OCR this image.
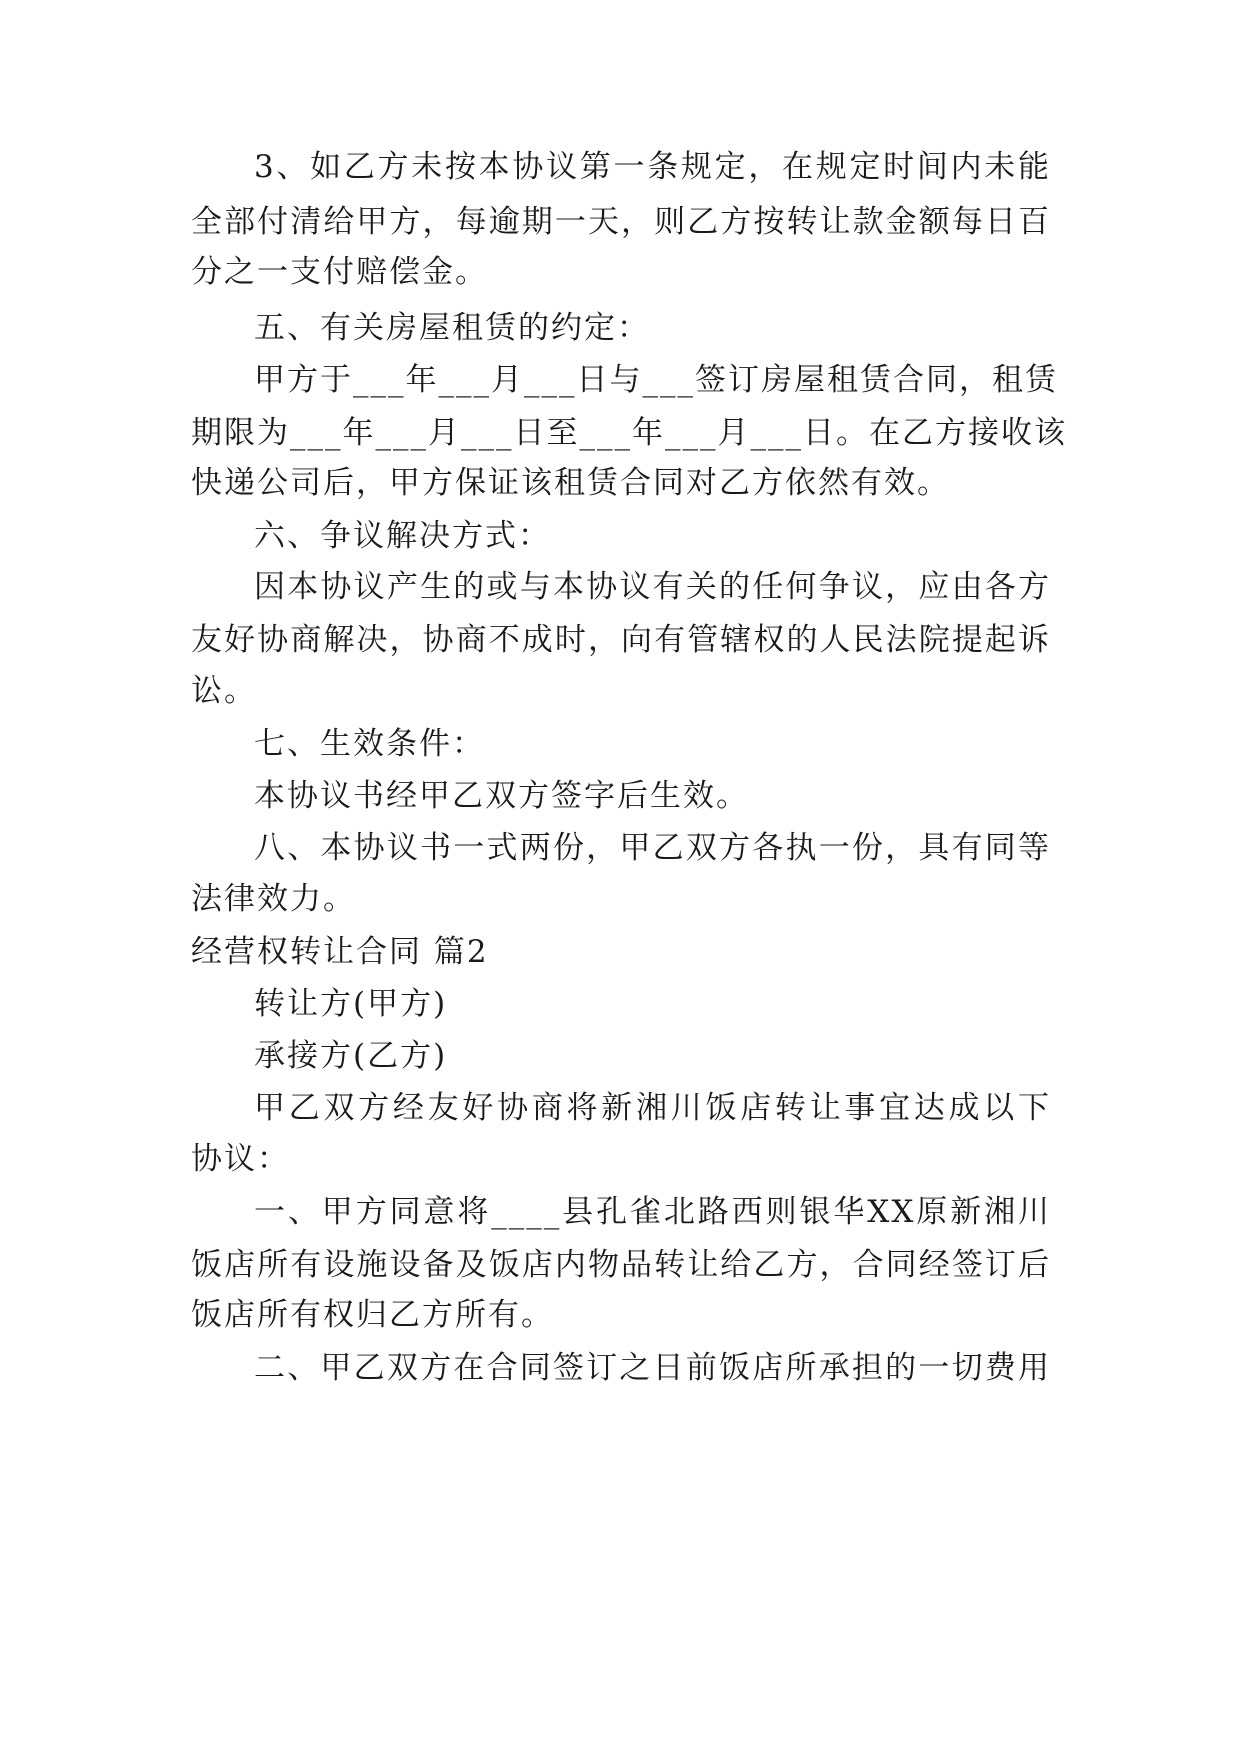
3、如乙方未按本协议第一条规定，在规定时间内未能
全部付清给甲方，每逾期一天，则乙方按转让款金额每日百
分之一支付赔偿金。
五、有关房屋租赁的约定：
甲方于___年___月___日与___签订房屋租赁合同，租赁
期限为___年___月___日至___年___月___日。在乙方接收该
快递公司后，甲方保证该租赁合同对乙方依然有效。
六、争议解决方式：
因本协议产生的或与本协议有关的任何争议，应由各方
友好协商解决，协商不成时，向有管辖权的人民法院提起诉
讼。
七、生效条件：
本协议书经甲乙双方签字后生效。
八、本协议书一式两份，甲乙双方各执一份，具有同等
法律效力。
经营权转让合同 篇2
转让方(甲方)
承接方(乙方)
甲乙双方经友好协商将新湘川饭店转让事宜达成以下
协议：
一、甲方同意将____县孔雀北路西则银华XX原新湘川
饭店所有设施设备及饭店内物品转让给乙方，合同经签订后
饭店所有权归乙方所有。
二、甲乙双方在合同签订之日前饭店所承担的一切费用
